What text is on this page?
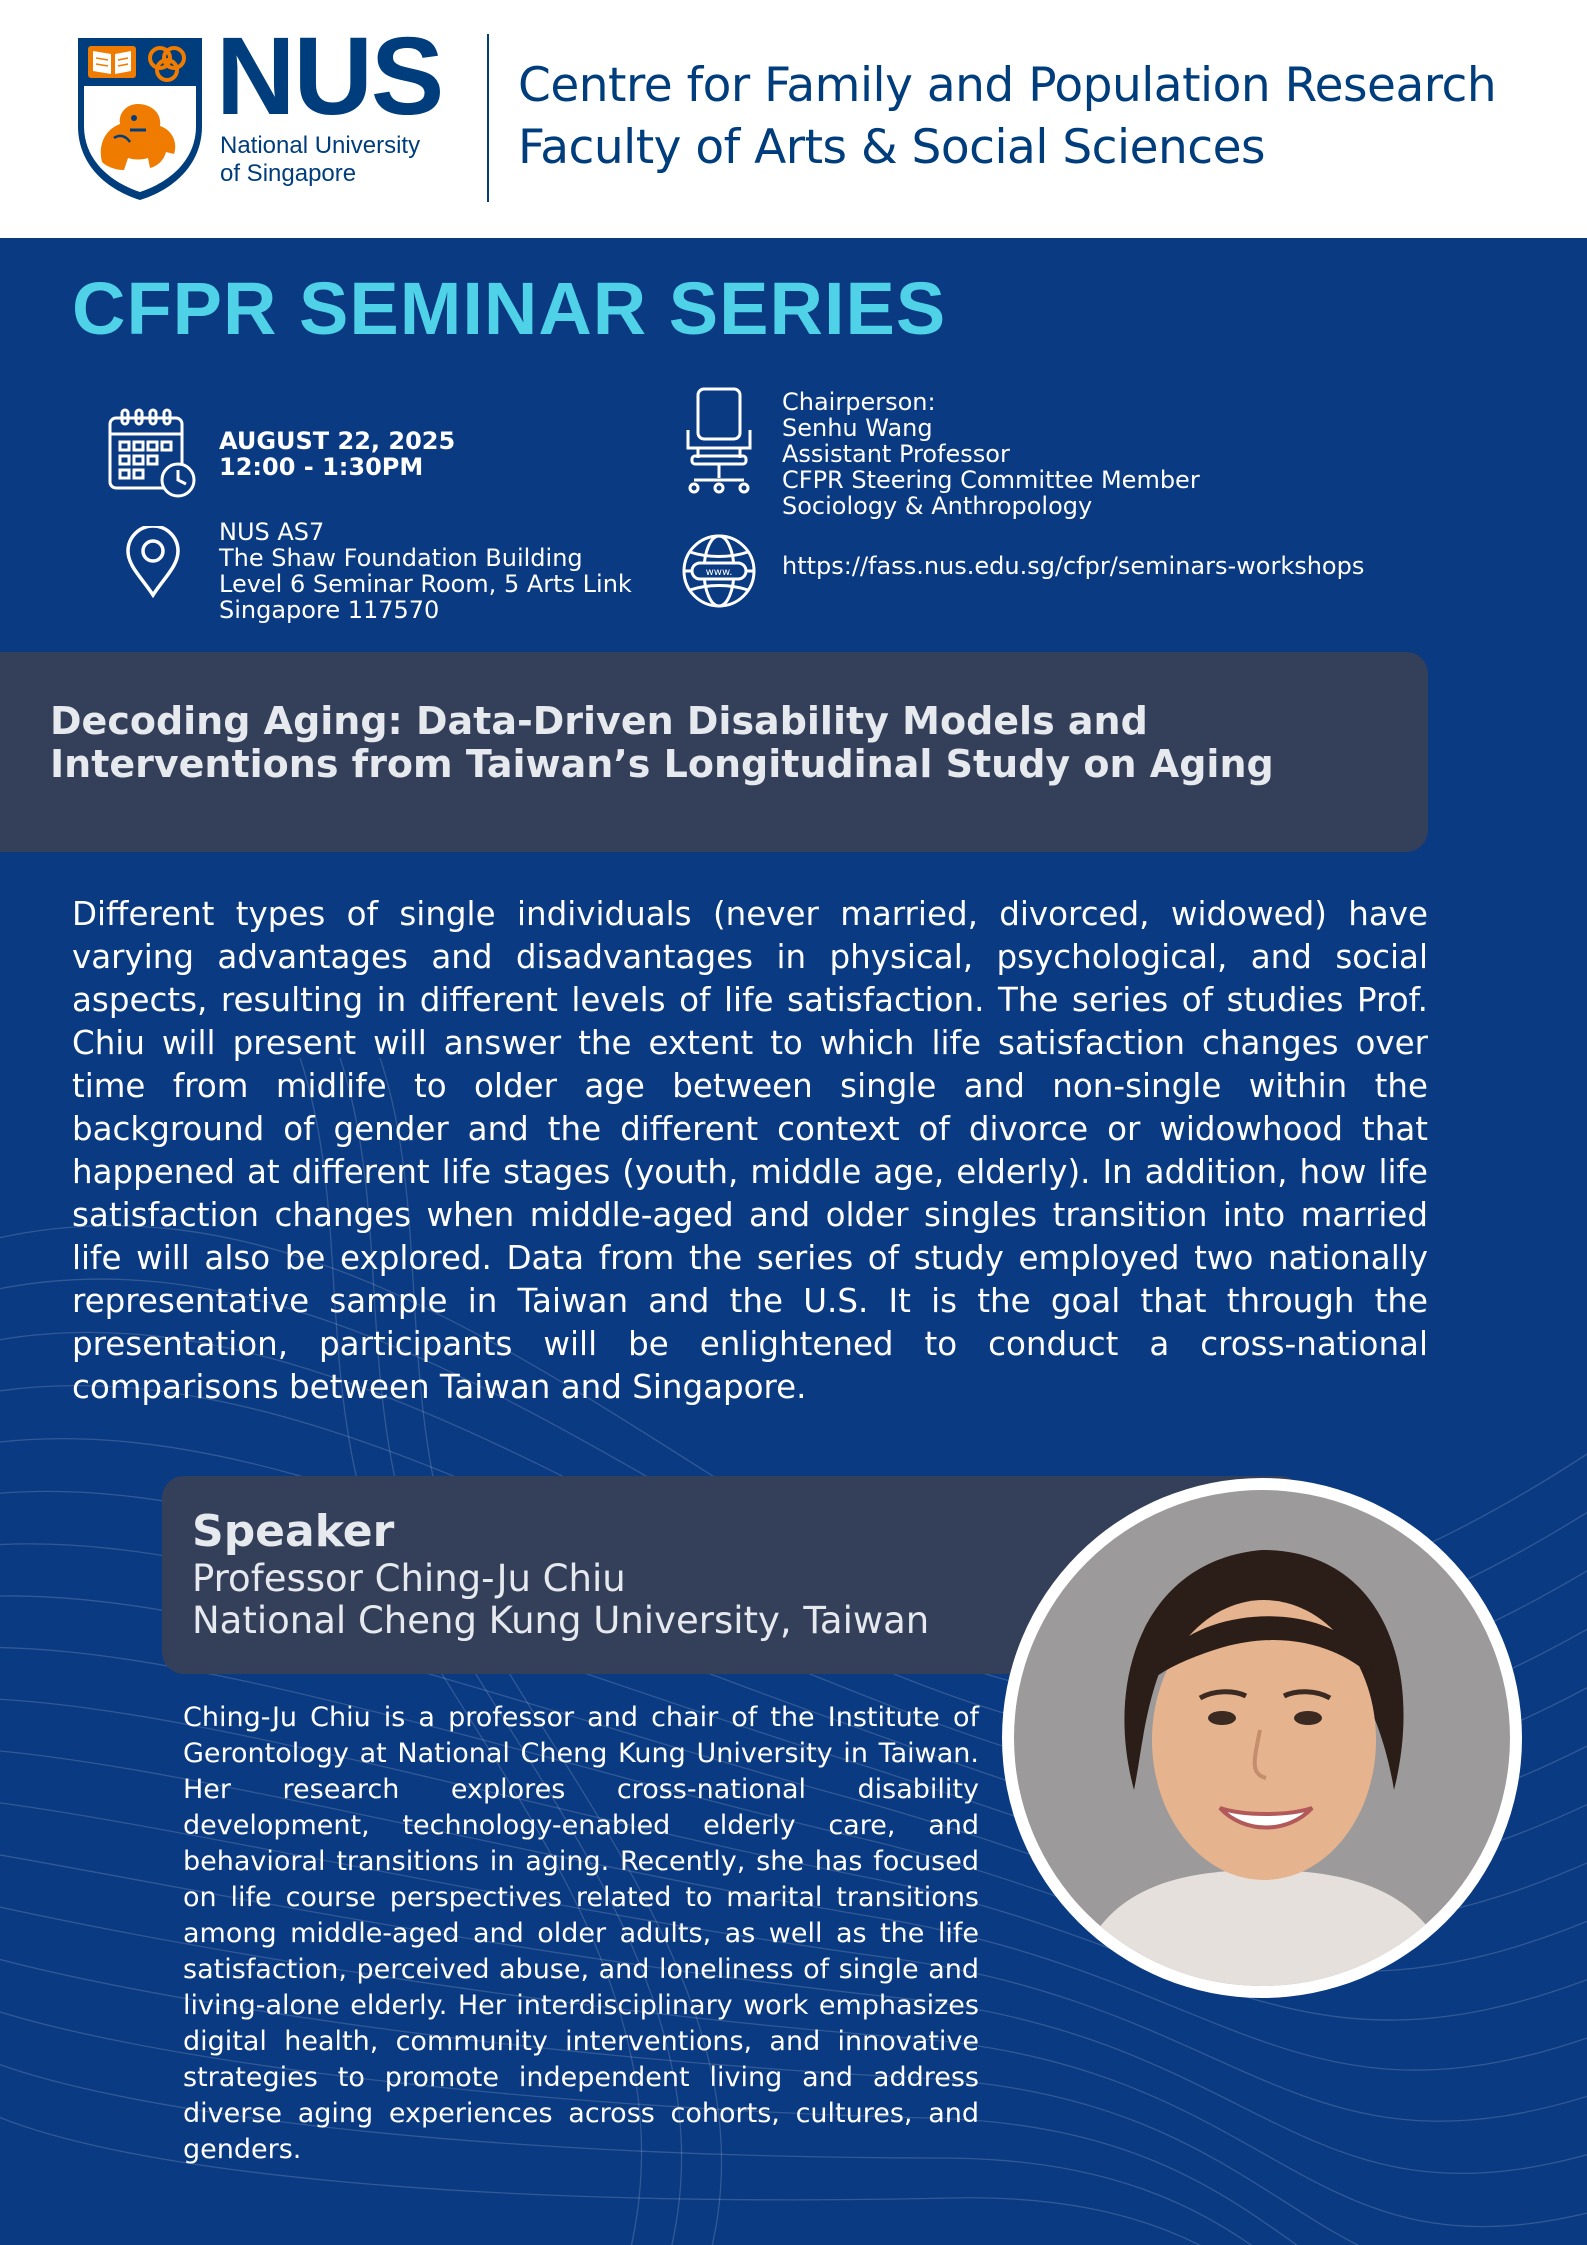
NUS
National University
of Singapore
Centre for Family and Population Research
Faculty of Arts & Social Sciences
CFPR SEMINAR SERIES
AUGUST 22, 2025
12:00 - 1:30PM
NUS AS7
The Shaw Foundation Building
Level 6 Seminar Room, 5 Arts Link
Singapore 117570
Chairperson:
Senhu Wang
Assistant Professor
CFPR Steering Committee Member
Sociology & Anthropology
www. https://fass.nus.edu.sg/cfpr/seminars-workshops
Decoding Aging: Data-Driven Disability Models and Interventions from Taiwan’s Longitudinal Study on Aging
Different types of single individuals (never married, divorced, widowed) have varying advantages and disadvantages in physical, psychological, and social aspects, resulting in different levels of life satisfaction. The series of studies Prof. Chiu will present will answer the extent to which life satisfaction changes over time from midlife to older age between single and non-single within the background of gender and the different context of divorce or widowhood that happened at different life stages (youth, middle age, elderly). In addition, how life satisfaction changes when middle-aged and older singles transition into married life will also be explored. Data from the series of study employed two nationally representative sample in Taiwan and the U.S. It is the goal that through the presentation, participants will be enlightened to conduct a cross-national comparisons between Taiwan and Singapore.
Speaker
Professor Ching-Ju Chiu
National Cheng Kung University, Taiwan
Ching-Ju Chiu is a professor and chair of the Institute of Gerontology at National Cheng Kung University in Taiwan. Her research explores cross-national disability development, technology-enabled elderly care, and behavioral transitions in aging. Recently, she has focused on life course perspectives related to marital transitions among middle-aged and older adults, as well as the life satisfaction, perceived abuse, and loneliness of single and living-alone elderly. Her interdisciplinary work emphasizes digital health, community interventions, and innovative strategies to promote independent living and address diverse aging experiences across cohorts, cultures, and genders.
